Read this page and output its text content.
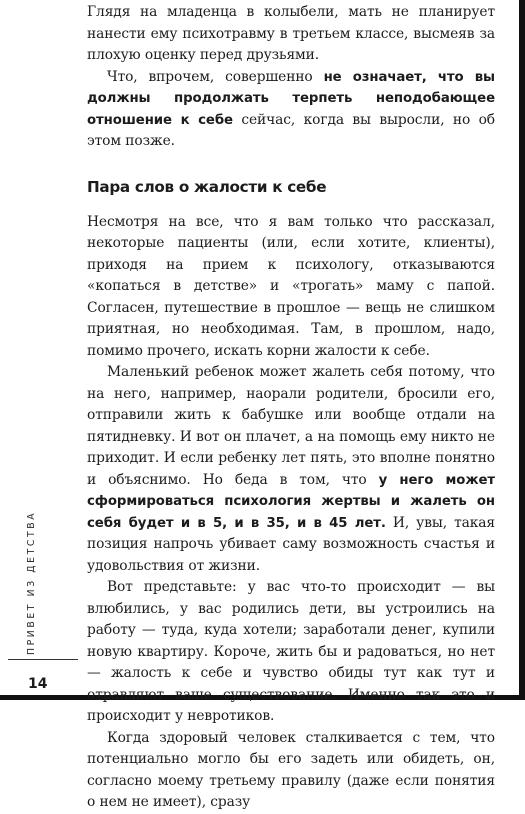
Глядя на младенца в колыбели, мать не планирует нанести ему психотравму в третьем классе, высмеяв за плохую оценку перед друзьями.

Что, впрочем, совершенно не означает, что вы должны продолжать терпеть неподобающее отношение к себе сейчас, когда вы выросли, но об этом позже.

Пара слов о жалости к себе

Несмотря на все, что я вам только что рассказал, некоторые пациенты (или, если хотите, клиенты), приходя на прием к психологу, отказываются «копаться в детстве» и «трогать» маму с папой. Согласен, путешествие в прошлое — вещь не слишком приятная, но необходимая. Там, в прошлом, надо, помимо прочего, искать корни жалости к себе.

Маленький ребенок может жалеть себя потому, что на него, например, наорали родители, бросили его, отправили жить к бабушке или вообще отдали на пятидневку. И вот он плачет, а на помощь ему никто не приходит. И если ребенку лет пять, это вполне понятно и объяснимо. Но беда в том, что у него может сформироваться психология жертвы и жалеть он себя будет и в 5, и в 35, и в 45 лет. И, увы, такая позиция напрочь убивает саму возможность счастья и удовольствия от жизни.

Вот представьте: у вас что-то происходит — вы влюбились, у вас родились дети, вы устроились на работу — туда, куда хотели; заработали денег, купили новую квартиру. Короче, жить бы и радоваться, но нет — жалость к себе и чувство обиды тут как тут и отравляют ваше существование. Именно так это и происходит у невротиков.

Когда здоровый человек сталкивается с тем, что потенциально могло бы его задеть или обидеть, он, согласно моему третьему правилу (даже если понятия о нем не имеет), сразу

ПРИВЕТ ИЗ ДЕТСТВА
14
